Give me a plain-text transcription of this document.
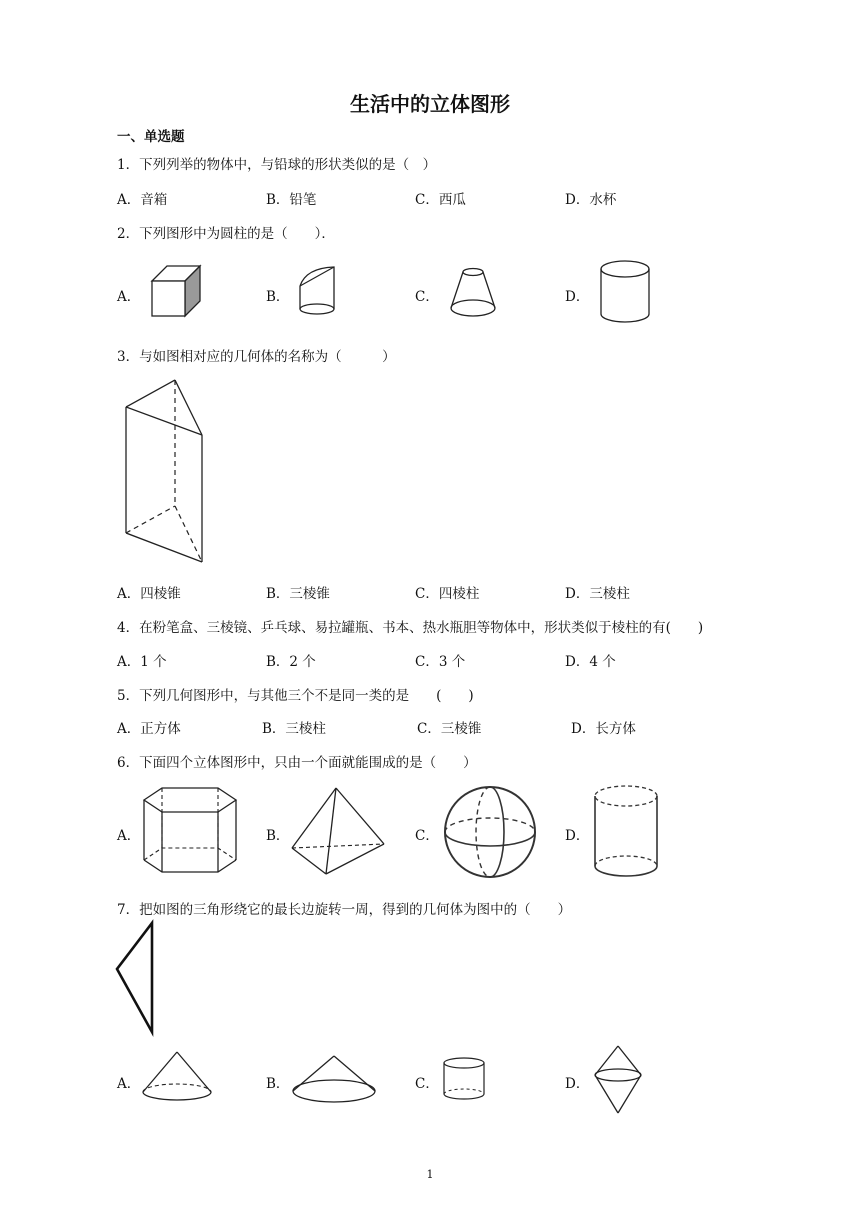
生活中的立体图形
一、单选题
1．下列列举的物体中，与铅球的形状类似的是（　）
A．音箱	B．铅笔	C．西瓜	D．水杯
2．下列图形中为圆柱的是（　　）．
A．	B．	C．	D．
3．与如图相对应的几何体的名称为（　　　）
A．四棱锥	B．三棱锥	C．四棱柱	D．三棱柱
4．在粉笔盒、三棱镜、乒乓球、易拉罐瓶、书本、热水瓶胆等物体中，形状类似于棱柱的有(　　)
A．1 个	B．2 个	C．3 个	D．4 个
5．下列几何图形中，与其他三个不是同一类的是　　(　　)
A．正方体	B．三棱柱	C．三棱锥	D．长方体
6．下面四个立体图形中，只由一个面就能围成的是（　　）
A．	B．	C．	D．
7．把如图的三角形绕它的最长边旋转一周，得到的几何体为图中的（　　）
A．	B．	C．	D．
1
